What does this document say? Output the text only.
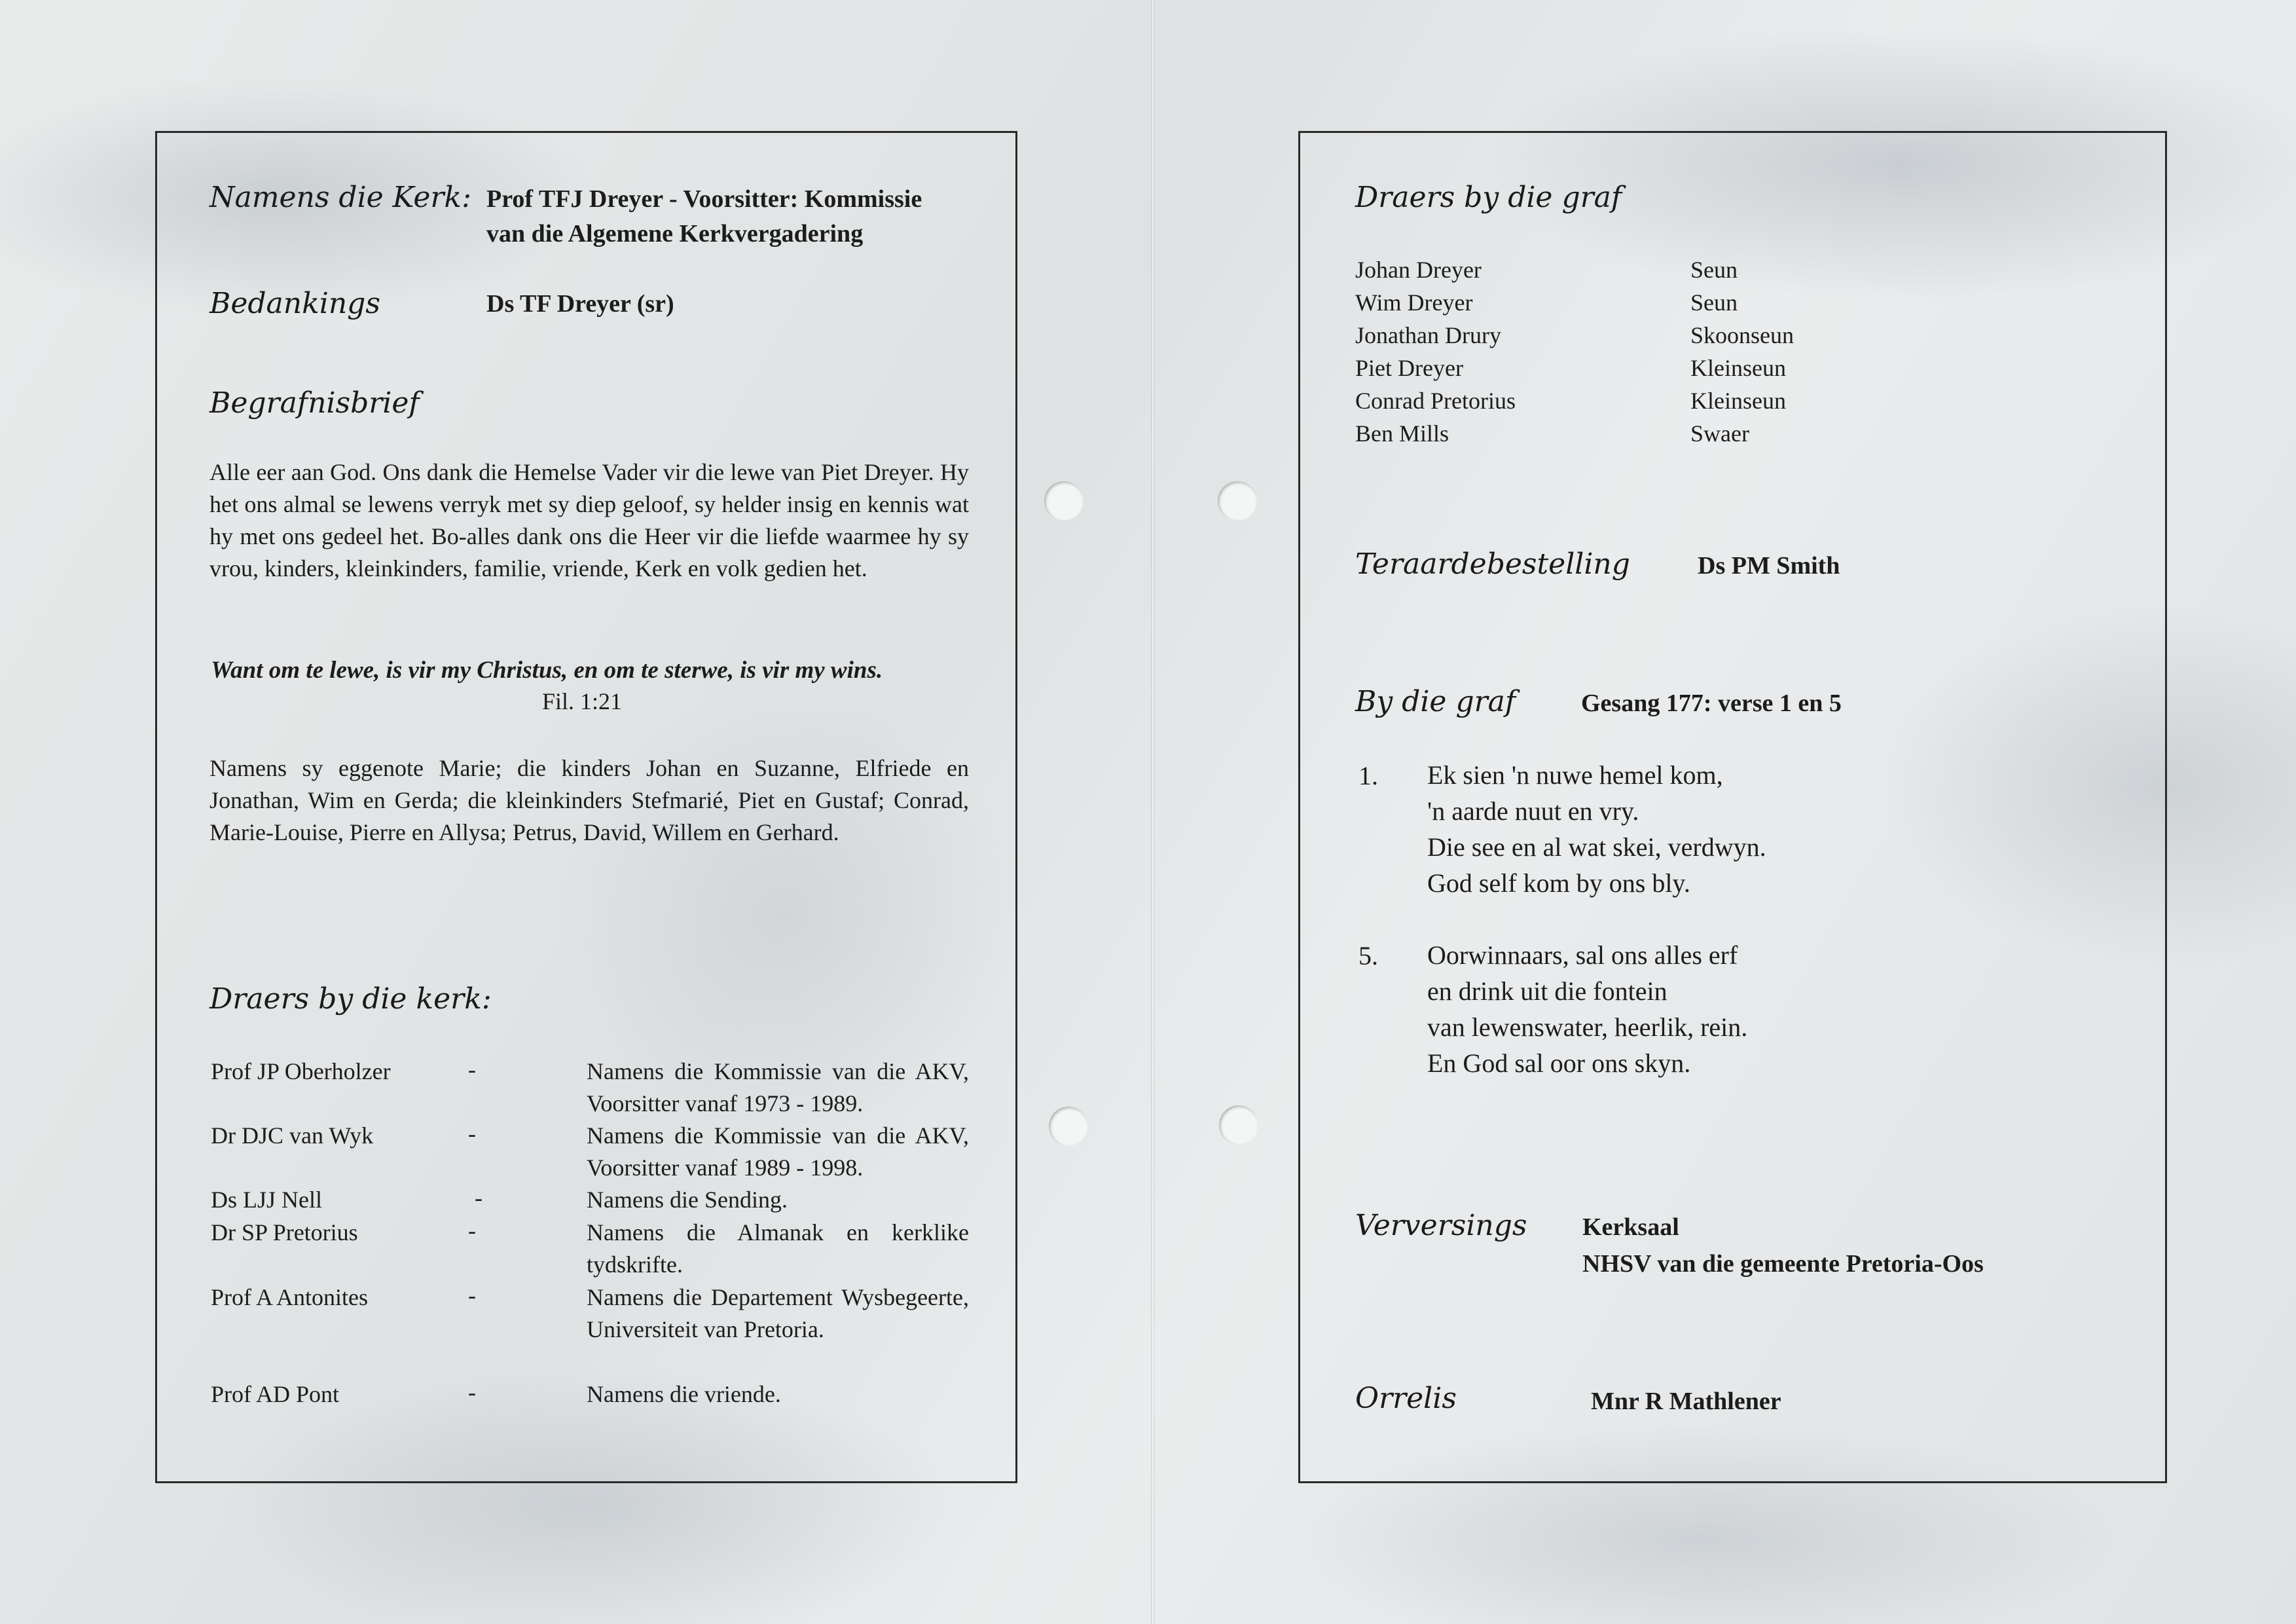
Namens die Kerk: Prof TFJ Dreyer - Voorsitter: Kommissie
van die Algemene Kerkvergadering
Bedankings	Ds TF Dreyer (sr)
Begrafnisbrief
Alle eer aan God. Ons dank die Hemelse Vader vir die lewe van Piet Dreyer. Hy het ons almal se lewens verryk met sy diep geloof, sy helder insig en kennis wat hy met ons gedeel het. Bo-alles dank ons die Heer vir die liefde waarmee hy sy vrou, kinders, kleinkinders, familie, vriende, Kerk en volk gedien het.
Want om te lewe, is vir my Christus, en om te sterwe, is vir my wins.
Fil. 1:21
Namens sy eggenote Marie; die kinders Johan en Suzanne, Elfriede en Jonathan, Wim en Gerda; die kleinkinders Stefmarié, Piet en Gustaf; Conrad, Marie-Louise, Pierre en Allysa; Petrus, David, Willem en Gerhard.
Draers by die kerk:
Prof JP Oberholzer	-	Namens die Kommissie van die AKV, Voorsitter vanaf 1973 - 1989.
Dr DJC van Wyk	-	Namens die Kommissie van die AKV, Voorsitter vanaf 1989 - 1998.
Ds LJJ Nell	-	Namens die Sending.
Dr SP Pretorius	-	Namens die Almanak en kerklike tydskrifte.
Prof A Antonites	-	Namens die Departement Wysbegeerte, Universiteit van Pretoria.
Prof AD Pont	-	Namens die vriende.
Draers by die graf
Johan Dreyer	Seun
Wim Dreyer	Seun
Jonathan Drury	Skoonseun
Piet Dreyer	Kleinseun
Conrad Pretorius	Kleinseun
Ben Mills	Swaer
Teraardebestelling	Ds PM Smith
By die graf	Gesang 177: verse 1 en 5
1. Ek sien 'n nuwe hemel kom,
'n aarde nuut en vry.
Die see en al wat skei, verdwyn.
God self kom by ons bly.
5. Oorwinnaars, sal ons alles erf
en drink uit die fontein
van lewenswater, heerlik, rein.
En God sal oor ons skyn.
Verversings Kerksaal
NHSV van die gemeente Pretoria-Oos
Orrelis	Mnr R Mathlener
